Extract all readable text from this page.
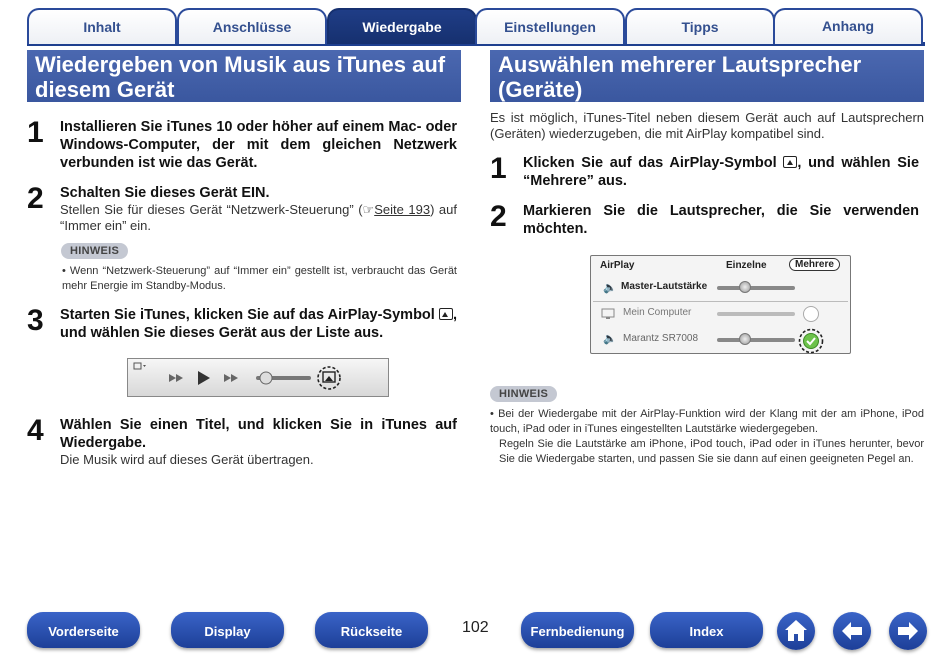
Inhalt	Anschlüsse	Wiedergabe	Einstellungen	Tipps	Anhang
Wiedergeben von Musik aus iTunes auf
diesem Gerät
1 Installieren Sie iTunes 10 oder höher auf einem Mac- oder Windows-Computer, der mit dem gleichen Netzwerk verbunden ist wie das Gerät.
2 Schalten Sie dieses Gerät EIN.
Stellen Sie für dieses Gerät “Netzwerk-Steuerung” (☞Seite 193) auf “Immer ein” ein.
HINWEIS
• Wenn “Netzwerk-Steuerung” auf “Immer ein” gestellt ist, verbraucht das Gerät mehr Energie im Standby-Modus.
3 Starten Sie iTunes, klicken Sie auf das AirPlay-Symbol , und wählen Sie dieses Gerät aus der Liste aus.
4 Wählen Sie einen Titel, und klicken Sie in iTunes auf Wiedergabe.
Die Musik wird auf dieses Gerät übertragen.
Auswählen mehrerer Lautsprecher
(Geräte)
Es ist möglich, iTunes-Titel neben diesem Gerät auch auf Lautsprechern (Geräten) wiederzugeben, die mit AirPlay kompatibel sind.
1 Klicken Sie auf das AirPlay-Symbol , und wählen Sie “Mehrere” aus.
2 Markieren Sie die Lautsprecher, die Sie verwenden möchten.
AirPlay	Einzelne	Mehrere
🔈 Master-Lautstärke
Mein Computer
🔈 Marantz SR7008
HINWEIS
• Bei der Wiedergabe mit der AirPlay-Funktion wird der Klang mit der am iPhone, iPod touch, iPad oder in iTunes eingestellten Lautstärke wiedergegeben.
Regeln Sie die Lautstärke am iPhone, iPod touch, iPad oder in iTunes herunter, bevor Sie die Wiedergabe starten, und passen Sie sie dann auf einen geeigneten Pegel an.
Vorderseite	Display	Rückseite	102	Fernbedienung	Index
